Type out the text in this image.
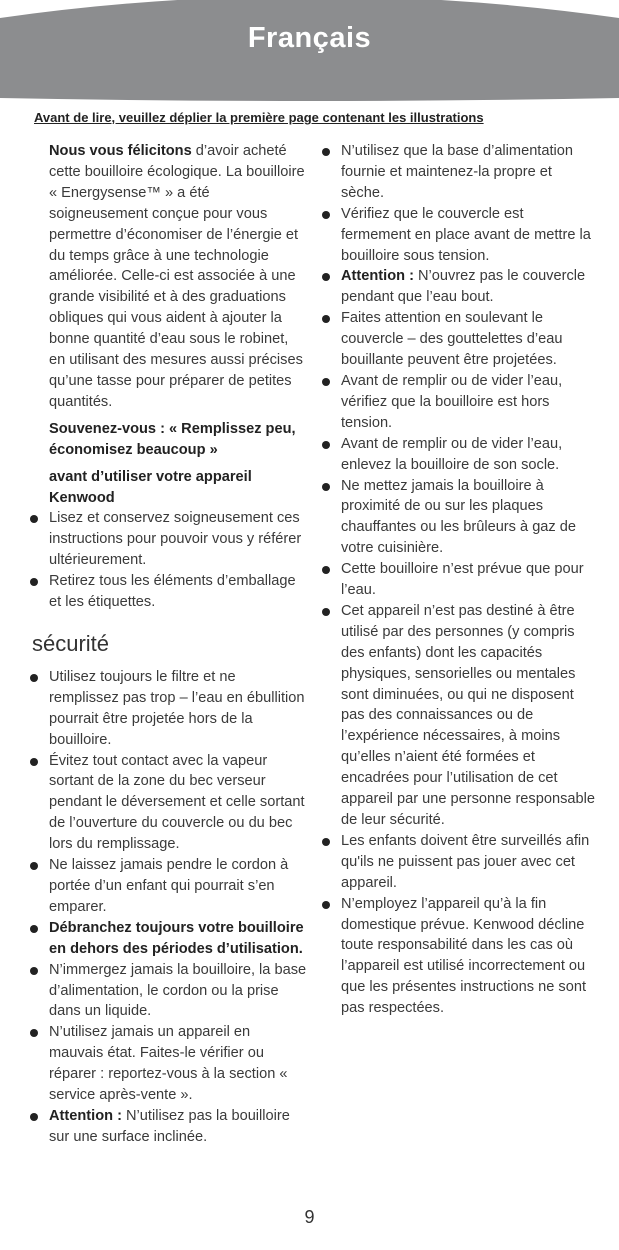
Français
Avant de lire, veuillez déplier la première page contenant les illustrations

Nous vous félicitons d’avoir acheté cette bouilloire écologique. La bouilloire « Energysense™ » a été soigneusement conçue pour vous permettre d’économiser de l’énergie et du temps grâce à une technologie améliorée. Celle-ci est associée à une grande visibilité et à des graduations obliques qui vous aident à ajouter la bonne quantité d’eau sous le robinet, en utilisant des mesures aussi précises qu’une tasse pour préparer de petites quantités.

Souvenez-vous : « Remplissez peu, économisez beaucoup »

avant d’utiliser votre appareil Kenwood

Lisez et conservez soigneusement ces instructions pour pouvoir vous y référer ultérieurement.
Retirez tous les éléments d’emballage et les étiquettes.
sécurité
Utilisez toujours le filtre et ne remplissez pas trop – l’eau en ébullition pourrait être projetée hors de la bouilloire.
Évitez tout contact avec la vapeur sortant de la zone du bec verseur pendant le déversement et celle sortant de l’ouverture du couvercle ou du bec lors du remplissage.
Ne laissez jamais pendre le cordon à portée d’un enfant qui pourrait s’en emparer.
Débranchez toujours votre bouilloire en dehors des périodes d’utilisation.
N’immergez jamais la bouilloire, la base d’alimentation, le cordon ou la prise dans un liquide.
N’utilisez jamais un appareil en mauvais état. Faites-le vérifier ou réparer : reportez-vous à la section « service après-vente ».
Attention : N’utilisez pas la bouilloire sur une surface inclinée.
N’utilisez que la base d’alimentation fournie et maintenez-la propre et sèche.
Vérifiez que le couvercle est fermement en place avant de mettre la bouilloire sous tension.
Attention : N’ouvrez pas le couvercle pendant que l’eau bout.
Faites attention en soulevant le couvercle – des gouttelettes d’eau bouillante peuvent être projetées.
Avant de remplir ou de vider l’eau, vérifiez que la bouilloire est hors tension.
Avant de remplir ou de vider l’eau, enlevez la bouilloire de son socle.
Ne mettez jamais la bouilloire à proximité de ou sur les plaques chauffantes ou les brûleurs à gaz de votre cuisinière.
Cette bouilloire n’est prévue que pour l’eau.
Cet appareil n’est pas destiné à être utilisé par des personnes (y compris des enfants) dont les capacités physiques, sensorielles ou mentales sont diminuées, ou qui ne disposent pas des connaissances ou de l’expérience nécessaires, à moins qu’elles n’aient été formées et encadrées pour l’utilisation de cet appareil par une personne responsable de leur sécurité.
Les enfants doivent être surveillés afin qu'ils ne puissent pas jouer avec cet appareil.
N’employez l’appareil qu’à la fin domestique prévue. Kenwood décline toute responsabilité dans les cas où l’appareil est utilisé incorrectement ou que les présentes instructions ne sont pas respectées.
9
